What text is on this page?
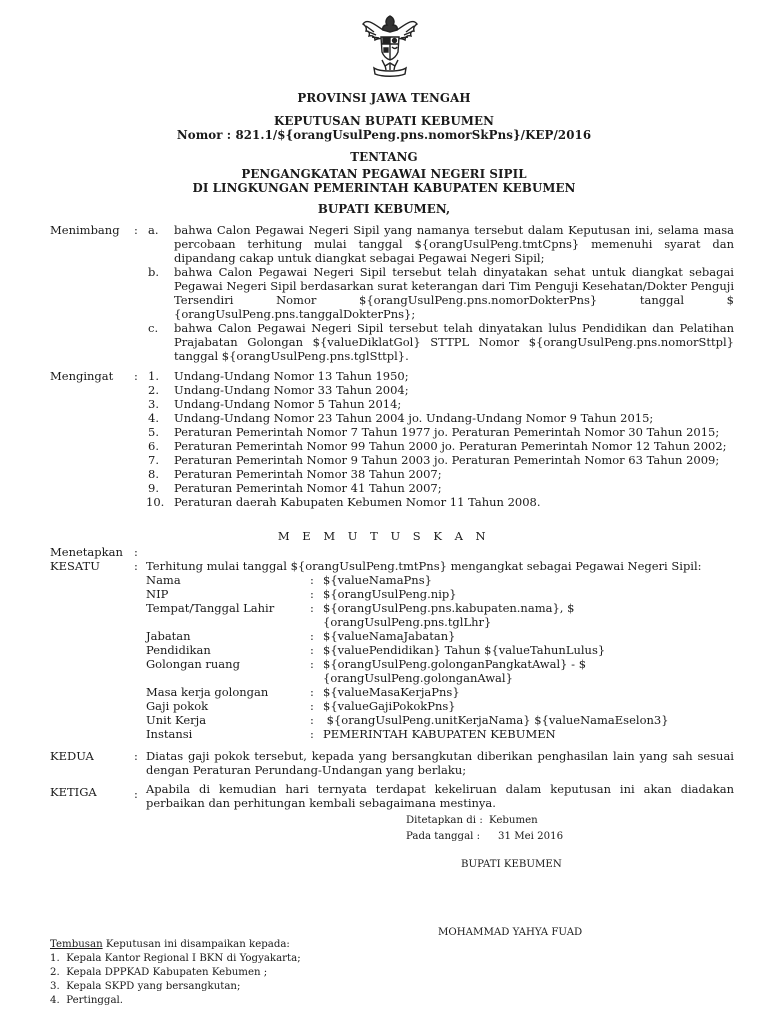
PROVINSI JAWA TENGAH
KEPUTUSAN BUPATI KEBUMEN
Nomor : 821.1/${orangUsulPeng.pns.nomorSkPns}/KEP/2016
TENTANG
PENGANGKATAN PEGAWAI NEGERI SIPIL
DI LINGKUNGAN PEMERINTAH KABUPATEN KEBUMEN
BUPATI KEBUMEN,
Menimbang : a. bahwa Calon Pegawai Negeri Sipil yang namanya tersebut dalam Keputusan ini, selama masa
percobaan terhitung mulai tanggal ${orangUsulPeng.tmtCpns} memenuhi syarat dan
dipandang cakap untuk diangkat sebagai Pegawai Negeri Sipil;
b. bahwa Calon Pegawai Negeri Sipil tersebut telah dinyatakan sehat untuk diangkat sebagai
Pegawai Negeri Sipil berdasarkan surat keterangan dari Tim Penguji Kesehatan/Dokter Penguji
Tersendiri Nomor ${orangUsulPeng.pns.nomorDokterPns} tanggal $
{orangUsulPeng.pns.tanggalDokterPns};
c. bahwa Calon Pegawai Negeri Sipil tersebut telah dinyatakan lulus Pendidikan dan Pelatihan
Prajabatan Golongan ${valueDiklatGol} STTPL Nomor ${orangUsulPeng.pns.nomorSttpl}
tanggal ${orangUsulPeng.pns.tglSttpl}.
Mengingat : 1. Undang-Undang Nomor 13 Tahun 1950;
2. Undang-Undang Nomor 33 Tahun 2004;
3. Undang-Undang Nomor 5 Tahun 2014;
4. Undang-Undang Nomor 23 Tahun 2004 jo. Undang-Undang Nomor 9 Tahun 2015;
5. Peraturan Pemerintah Nomor 7 Tahun 1977 jo. Peraturan Pemerintah Nomor 30 Tahun 2015;
6. Peraturan Pemerintah Nomor 99 Tahun 2000 jo. Peraturan Pemerintah Nomor 12 Tahun 2002;
7. Peraturan Pemerintah Nomor 9 Tahun 2003 jo. Peraturan Pemerintah Nomor 63 Tahun 2009;
8. Peraturan Pemerintah Nomor 38 Tahun 2007;
9. Peraturan Pemerintah Nomor 41 Tahun 2007;
10. Peraturan daerah Kabupaten Kebumen Nomor 11 Tahun 2008.
M E M U T U S K A N
Menetapkan :
KESATU	: Terhitung mulai tanggal ${orangUsulPeng.tmtPns} mengangkat sebagai Pegawai Negeri Sipil:
Nama	: ${valueNamaPns}
NIP	: ${orangUsulPeng.nip}
Tempat/Tanggal Lahir	: ${orangUsulPeng.pns.kabupaten.nama}, $
{orangUsulPeng.pns.tglLhr}
Jabatan	: ${valueNamaJabatan}
Pendidikan	: ${valuePendidikan} Tahun ${valueTahunLulus}
Golongan ruang	: ${orangUsulPeng.golonganPangkatAwal} - $
{orangUsulPeng.golonganAwal}
Masa kerja golongan	: ${valueMasaKerjaPns}
Gaji pokok	: ${valueGajiPokokPns}
Unit Kerja	: ${orangUsulPeng.unitKerjaNama} ${valueNamaEselon3}
Instansi	: PEMERINTAH KABUPATEN KEBUMEN
KEDUA	: Diatas gaji pokok tersebut, kepada yang bersangkutan diberikan penghasilan lain yang sah sesuai
dengan Peraturan Perundang-Undangan yang berlaku;
KETIGA	: Apabila di kemudian hari ternyata terdapat kekeliruan dalam keputusan ini akan diadakan
perbaikan dan perhitungan kembali sebagaimana mestinya.
Ditetapkan di : Kebumen
Pada tanggal : 31 Mei 2016
BUPATI KEBUMEN
MOHAMMAD YAHYA FUAD
Tembusan Keputusan ini disampaikan kepada:
1.  Kepala Kantor Regional I BKN di Yogyakarta;
2.  Kepala DPPKAD Kabupaten Kebumen ;
3.  Kepala SKPD yang bersangkutan;
4.  Pertinggal.
